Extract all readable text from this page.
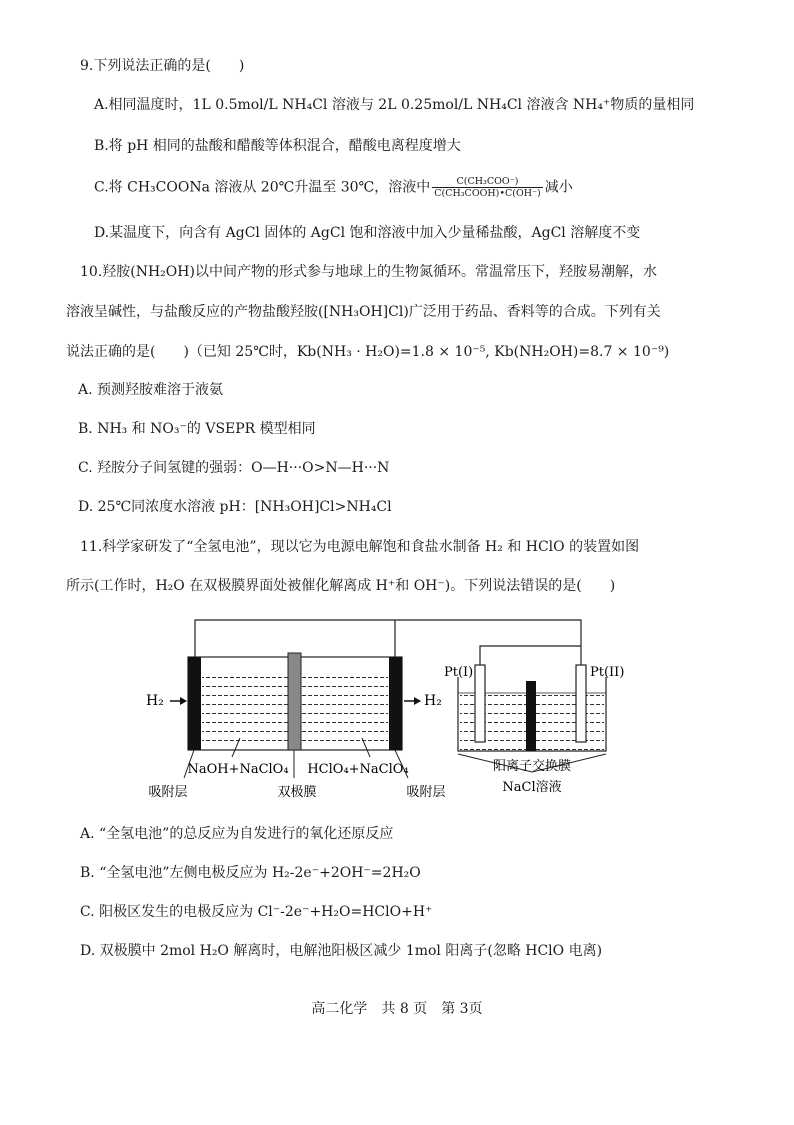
9.下列说法正确的是(　　)
A.相同温度时，1L 0.5mol/L NH₄Cl 溶液与 2L 0.25mol/L NH₄Cl 溶液含 NH₄⁺物质的量相同
B.将 pH 相同的盐酸和醋酸等体积混合，醋酸电离程度增大
C.将 CH₃COONa 溶液从 20℃升温至 30℃，溶液中 $\frac{\text{C(CH₃COO⁻)}}{\text{C(CH₃COOH)•C(OH⁻)}}$ 减小
D.某温度下，向含有 AgCl 固体的 AgCl 饱和溶液中加入少量稀盐酸，AgCl 溶解度不变
10.羟胺(NH₂OH)以中间产物的形式参与地球上的生物氮循环。常温常压下，羟胺易潮解，水
溶液呈碱性，与盐酸反应的产物盐酸羟胺([NH₃OH]Cl)广泛用于药品、香料等的合成。下列有关
说法正确的是(　　)（已知 25℃时，Kb(NH₃ · H₂O)=1.8 × 10⁻⁵, Kb(NH₂OH)=8.7 × 10⁻⁹)
A. 预测羟胺难溶于液氨
B. NH₃ 和 NO₃⁻的 VSEPR 模型相同
C. 羟胺分子间氢键的强弱：O—H···O>N—H···N
D. 25℃同浓度水溶液 pH：[NH₃OH]Cl>NH₄Cl
11.科学家研发了“全氢电池”，现以它为电源电解饱和食盐水制备 H₂ 和 HClO 的装置如图
所示(工作时，H₂O 在双极膜界面处被催化解离成 H⁺和 OH⁻)。下列说法错误的是(　　)
H₂	H₂
NaOH+NaClO₄ HClO₄+NaClO₄
吸附层	双极膜	吸附层
Pt(I)	Pt(II)
阳离子交换膜
NaCl溶液
A. “全氢电池”的总反应为自发进行的氧化还原反应
B. “全氢电池”左侧电极反应为 H₂-2e⁻+2OH⁻=2H₂O
C. 阳极区发生的电极反应为 Cl⁻-2e⁻+H₂O=HClO+H⁺
D. 双极膜中 2mol H₂O 解离时，电解池阳极区减少 1mol 阳离子(忽略 HClO 电离)
高二化学　共 8 页　第 3页
